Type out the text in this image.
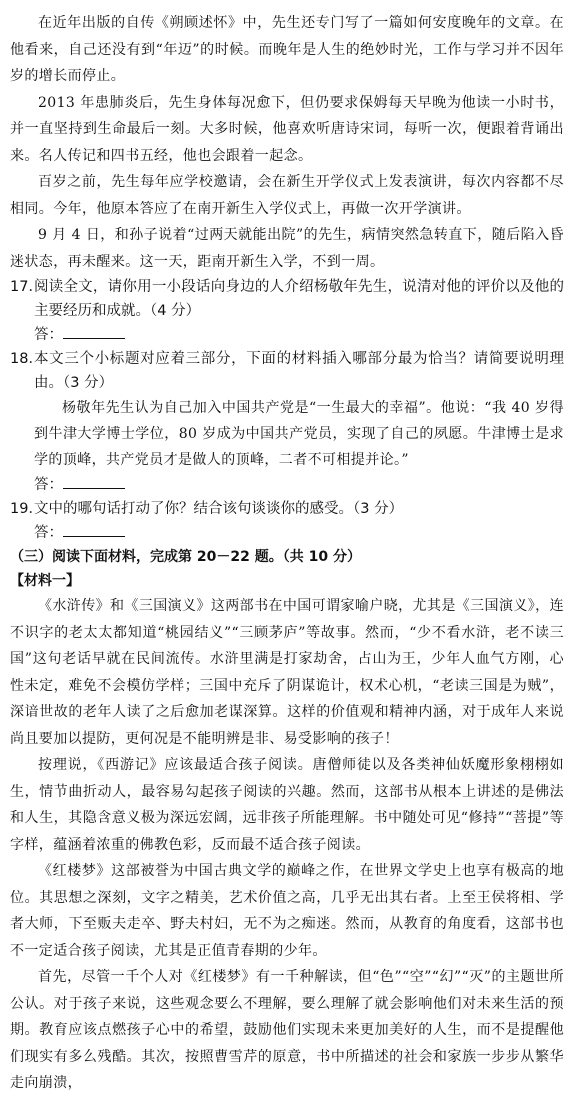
在近年出版的自传《朔顾述怀》中，先生还专门写了一篇如何安度晚年的文章。在他看来，自己还没有到“年迈”的时候。而晚年是人生的绝妙时光，工作与学习并不因年岁的增长而停止。

2013 年患肺炎后，先生身体每况愈下，但仍要求保姆每天早晚为他读一小时书，并一直坚持到生命最后一刻。大多时候，他喜欢听唐诗宋词，每听一次，便跟着背诵出来。名人传记和四书五经，他也会跟着一起念。

百岁之前，先生每年应学校邀请，会在新生开学仪式上发表演讲，每次内容都不尽相同。今年，他原本答应了在南开新生入学仪式上，再做一次开学演讲。

9 月 4 日，和孙子说着“过两天就能出院”的先生，病情突然急转直下，随后陷入昏迷状态，再未醒来。这一天，距南开新生入学，不到一周。

17．
阅读全文，请你用一小段话向身边的人介绍杨敬年先生，说清对他的评价以及他的主要经历和成就。（4 分）

答：

18．
本文三个小标题对应着三部分，下面的材料插入哪部分最为恰当？请简要说明理由。（3 分）

杨敬年先生认为自己加入中国共产党是“一生最大的幸福”。他说：“我 40 岁得到牛津大学博士学位，80 岁成为中国共产党员，实现了自己的夙愿。牛津博士是求学的顶峰，共产党员才是做人的顶峰，二者不可相提并论。”

答：

19．
文中的哪句话打动了你？结合该句谈谈你的感受。（3 分）

答：

（三）阅读下面材料，完成第 20－22 题。（共 10 分）

【材料一】

《水浒传》和《三国演义》这两部书在中国可谓家喻户晓，尤其是《三国演义》，连不识字的老太太都知道“桃园结义”“三顾茅庐”等故事。然而，“少不看水浒，老不读三国”这句老话早就在民间流传。水浒里满是打家劫舍，占山为王，少年人血气方刚，心性未定，难免不会模仿学样；三国中充斥了阴谋诡计，权术心机，“老读三国是为贼”，深谙世故的老年人读了之后愈加老谋深算。这样的价值观和精神内涵，对于成年人来说尚且要加以提防，更何况是不能明辨是非、易受影响的孩子！

按理说，《西游记》应该最适合孩子阅读。唐僧师徒以及各类神仙妖魔形象栩栩如生，情节曲折动人，最容易勾起孩子阅读的兴趣。然而，这部书从根本上讲述的是佛法和人生，其隐含意义极为深远宏阔，远非孩子所能理解。书中随处可见“修持”“菩提”等字样，蕴涵着浓重的佛教色彩，反而最不适合孩子阅读。

《红楼梦》这部被誉为中国古典文学的巅峰之作，在世界文学史上也享有极高的地位。其思想之深刻，文字之精美，艺术价值之高，几乎无出其右者。上至王侯将相、学者大师，下至贩夫走卒、野夫村妇，无不为之痴迷。然而，从教育的角度看，这部书也不一定适合孩子阅读，尤其是正值青春期的少年。

首先，尽管一千个人对《红楼梦》有一千种解读，但“色”“空”“幻”“灭”的主题世所公认。对于孩子来说，这些观念要么不理解，要么理解了就会影响他们对未来生活的预期。教育应该点燃孩子心中的希望，鼓励他们实现未来更加美好的人生，而不是提醒他们现实有多么残酷。其次，按照曹雪芹的原意，书中所描述的社会和家族一步步从繁华走向崩溃，
